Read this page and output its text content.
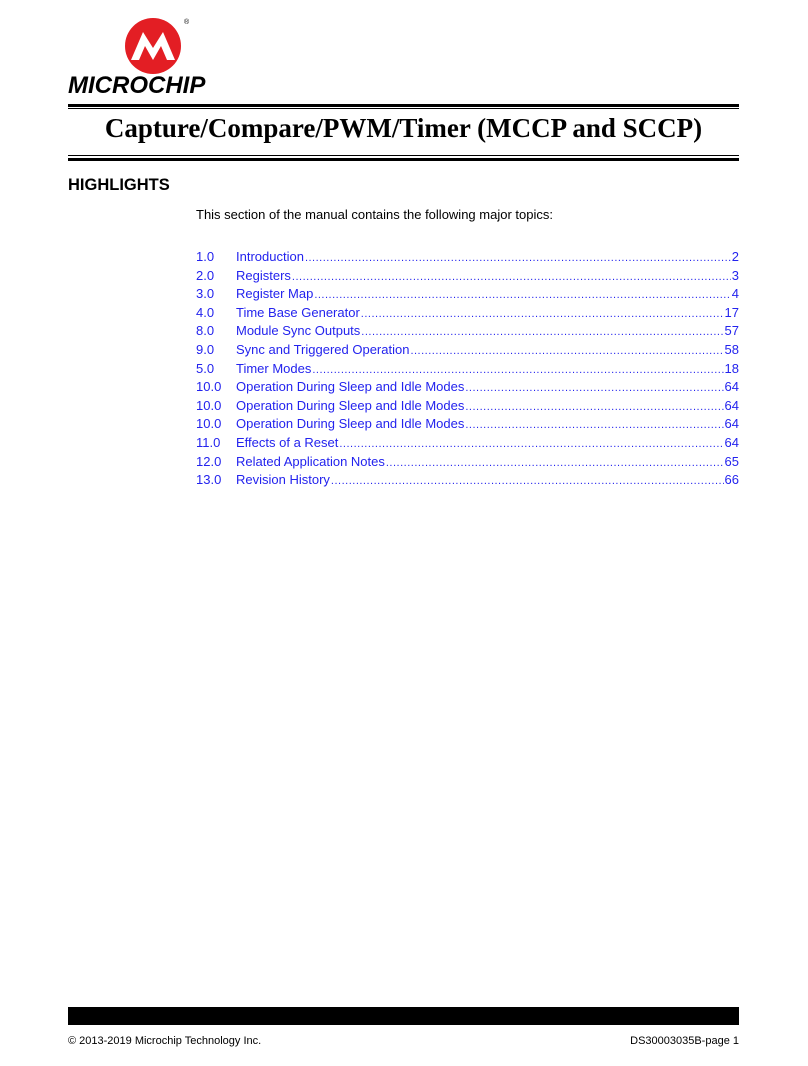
®
MICROCHIP
Capture/Compare/PWM/Timer (MCCP and SCCP)
HIGHLIGHTS
This section of the manual contains the following major topics:
1.0	Introduction .....	2
2.0	Registers .....	3
3.0	Register Map .....	4
4.0	Time Base Generator .....	17
8.0	Module Sync Outputs .....	57
9.0	Sync and Triggered Operation .....	58
5.0	Timer Modes .....	18
10.0	Operation During Sleep and Idle Modes .....	64
10.0	Operation During Sleep and Idle Modes .....	64
10.0	Operation During Sleep and Idle Modes .....	64
11.0	Effects of a Reset .....	64
12.0	Related Application Notes .....	65
13.0	Revision History .....	66
© 2013-2019 Microchip Technology Inc.	DS30003035B-page 1
